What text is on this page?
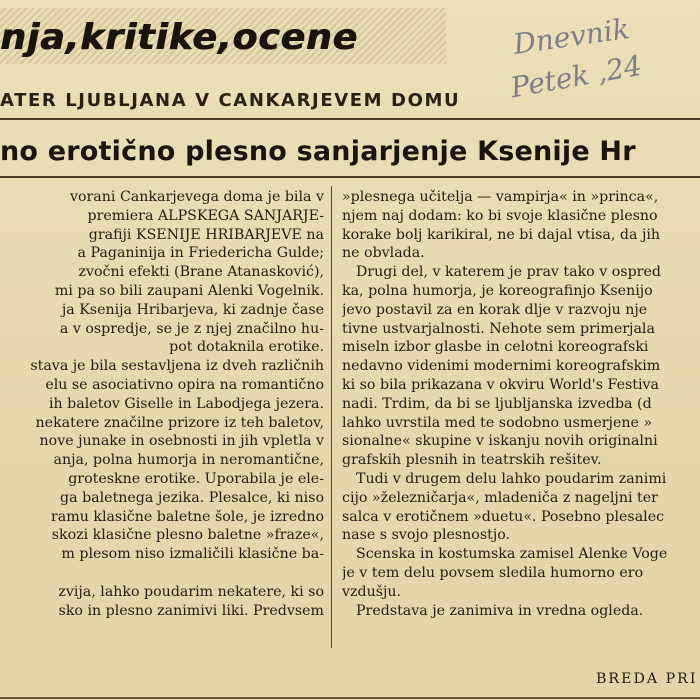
nja,kritike,ocene	Dnevnik
Petek ,24

ATER LJUBLJANA V CANKARJEVEM DOMU

no erotično plesno sanjarjenje Ksenije Hr
vorani Cankarjevega doma je bila v
premiera ALPSKEGA SANJARJE-
grafiji KSENIJE HRIBARJEVE na
a Paganinija in Friedericha Gulde;
zvočni efekti (Brane Atanasković),
mi pa so bili zaupani Alenki Vogelnik.
ja Ksenija Hribarjeva, ki zadnje čase
a v ospredje, se je z njej značilno hu-
pot dotaknila erotike.
stava je bila sestavljena iz dveh različnih
elu se asociativno opira na romantično
ih baletov Giselle in Labodjega jezera.
nekatere značilne prizore iz teh baletov,
nove junake in osebnosti in jih vpletla v
anja, polna humorja in neromantične,
groteskne erotike. Uporabila je ele-
ga baletnega jezika. Plesalce, ki niso
ramu klasične baletne šole, je izredno
skozi klasične plesno baletne »fraze«,
m plesom niso izmaličili klasične ba-
zvija, lahko poudarim nekatere, ki so
sko in plesno zanimivi liki. Predvsem
»plesnega učitelja — vampirja« in »princa«,
njem naj dodam: ko bi svoje klasične plesno
korake bolj karikiral, ne bi dajal vtisa, da jih
ne obvlada.
Drugi del, v katerem je prav tako v ospred
ka, polna humorja, je koreografinjo Ksenijo
jevo postavil za en korak dlje v razvoju nje
tivne ustvarjalnosti. Nehote sem primerjala
miseln izbor glasbe in celotni koreografski
nedavno videnimi modernimi koreografskim
ki so bila prikazana v okviru World's Festiva
nadi. Trdim, da bi se ljubljanska izvedba (d
lahko uvrstila med te sodobno usmerjene »
sionalne« skupine v iskanju novih originalni
grafskih plesnih in teatrskih rešitev.
Tudi v drugem delu lahko poudarim zanimi
cijo »železničarja«, mladeniča z nageljni ter
salca v erotičnem »duetu«. Posebno plesalec
nase s svojo plesnostjo.
Scenska in kostumska zamisel Alenke Voge
je v tem delu povsem sledila humorno ero
vzdušju.
Predstava je zanimiva in vredna ogleda.
BREDA PRI
